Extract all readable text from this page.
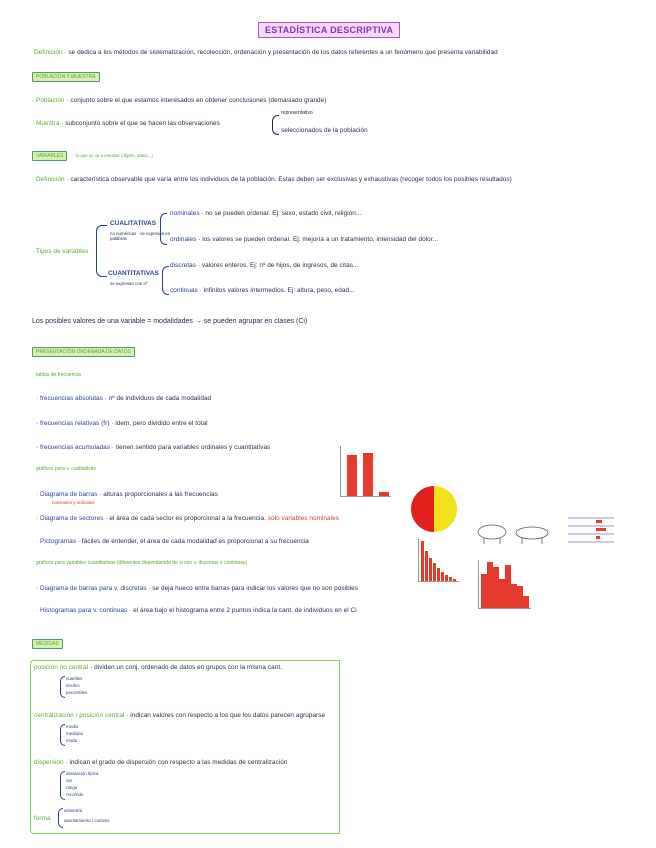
ESTADÍSTICA DESCRIPTIVA
Definición · se dedica a los métodos de sistematización, recolección, ordenación y presentación de los datos referentes a un fenómeno que presenta variabilidad
POBLACIÓN Y MUESTRA
· Población · conjunto sobre el que estamos interesados en obtener conclusiones (demasiado grande)
· Muestra · subconjunto sobre el que se hacen las observaciones
representativo
seleccionados de la población
VARIABLES	· lo que se va a estudiar (objeto, datos...)
· Definición · característica observable que varía entre los individuos de la población. Estas deben ser exclusivas y exhaustivas (recoger todos los posibles resultados)
· Tipos de variables
CUALITATIVAS
no numéricas · se expresan en palabras
nominales · no se pueden ordenar. Ej: sexo, estado civil, religión...
ordinales · los valores se pueden ordenar. Ej: mejoría a un tratamiento, intensidad del dolor...
CUANTITATIVAS
se expresan con nº
discretas · valores enteros. Ej: nº de hijos, de ingresos, de citas...
continuas · infinitos valores intermedios. Ej: altura, peso, edad...
Los posibles valores de una variable = modalidades → se pueden agrupar en clases (Ci)
PRESENTACIÓN ORDENADA DE DATOS
tablas de frecuencia
· frecuencias absolutas · nº de individuos de cada modalidad
· frecuencias relativas (fr) · idem, pero dividido entre el total
· frecuencias acumuladas · tienen sentido para variables ordinales y cuantitativas
gráficos para v. cualitativas
· Diagrama de barras · alturas proporcionales a las frecuencias
nominales y ordinales
· Diagrama de sectores · el área de cada sector es proporcional a la frecuencia. solo variables nominales
· Pictogramas · fáciles de entender, el área de cada modalidad es proporcional a su frecuencia
gráficos para variables cuantitativas (diferentes dependiendo de si son v. discretas o continuas)
· Diagrama de barras para v. discretas · se deja hueco entre barras para indicar los valores que no son posibles
· Histogramas para v. continuas · el área bajo el histograma entre 2 puntos indica la cant. de individuos en el Ci
MEDIDAS
posición no central · dividen un conj. ordenado de datos en grupos con la misma cant.
cuartiles
deciles
percentiles
centralización / posición central · indican valores con respecto a los que los datos parecen agruparse
media
mediana
moda
dispersión · indican el grado de dispersión con respecto a las medidas de centralización
desviación típica
var
rango
recorrido
forma
asimetría
apuntamiento / curtosis
